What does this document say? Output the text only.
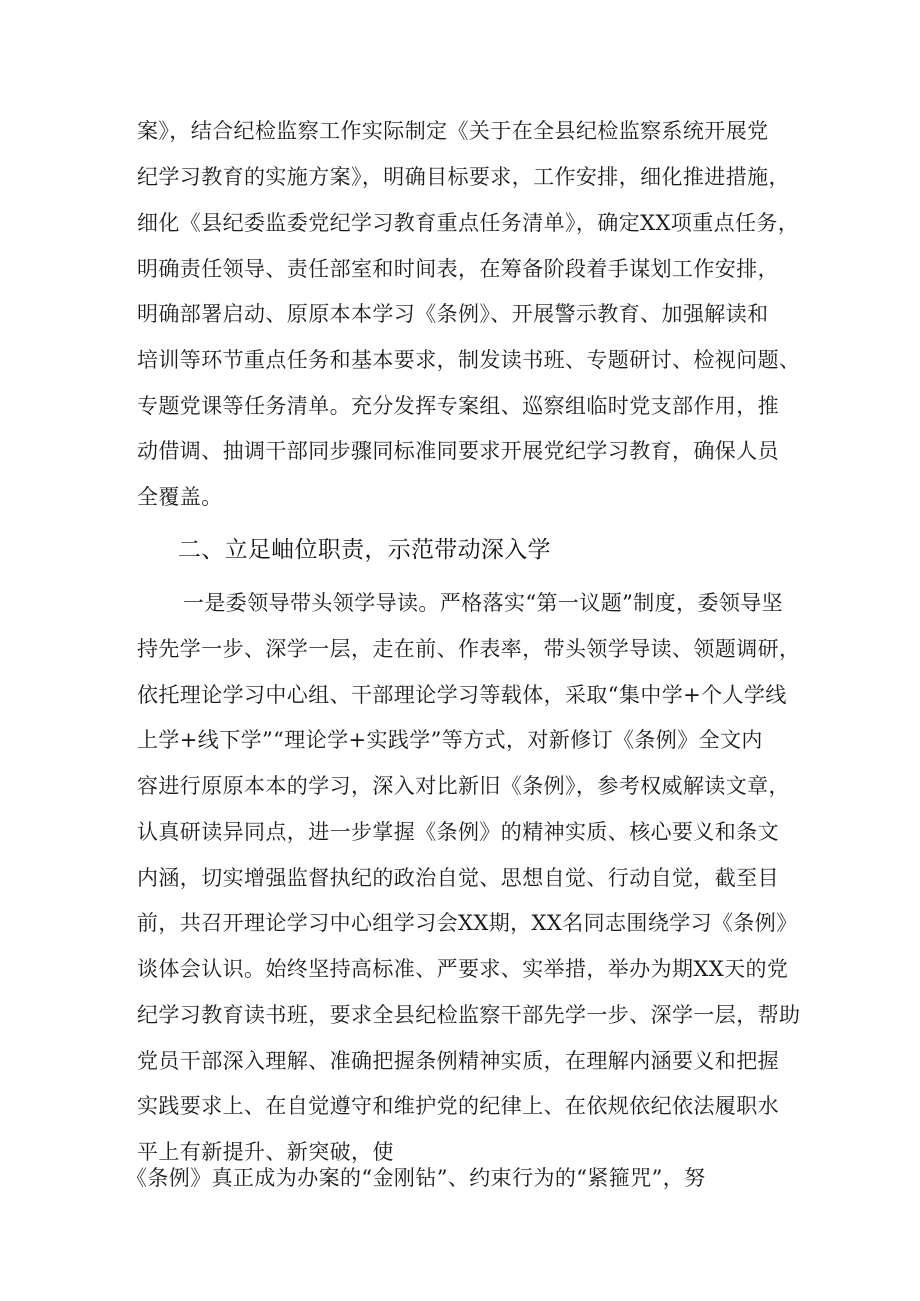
案》，结合纪检监察工作实际制定《关于在全县纪检监察系统开展党
纪学习教育的实施方案》，明确目标要求，工作安排，细化推进措施，
细化《县纪委监委党纪学习教育重点任务清单》，确定XX项重点任务，
明确责任领导、责任部室和时间表，在筹备阶段着手谋划工作安排，
明确部署启动、原原本本学习《条例》、开展警示教育、加强解读和
培训等环节重点任务和基本要求，制发读书班、专题研讨、检视问题、
专题党课等任务清单。充分发挥专案组、巡察组临时党支部作用，推
动借调、抽调干部同步骤同标准同要求开展党纪学习教育，确保人员
全覆盖。
二、立足岫位职责，示范带动深入学
一是委领导带头领学导读。严格落实“第一议题”制度，委领导坚
持先学一步、深学一层，走在前、作表率，带头领学导读、领题调研，
依托理论学习中心组、干部理论学习等载体，采取“集中学+个人学线
上学+线下学”“理论学+实践学”等方式，对新修订《条例》全文内
容进行原原本本的学习，深入对比新旧《条例》，参考权威解读文章，
认真研读异同点，进一步掌握《条例》的精神实质、核心要义和条文
内涵，切实增强监督执纪的政治自觉、思想自觉、行动自觉，截至目
前，共召开理论学习中心组学习会XX期，XX名同志围绕学习《条例》
谈体会认识。始终坚持高标准、严要求、实举措，举办为期XX天的党
纪学习教育读书班，要求全县纪检监察干部先学一步、深学一层，帮助
党员干部深入理解、准确把握条例精神实质，在理解内涵要义和把握
实践要求上、在自觉遵守和维护党的纪律上、在依规依纪依法履职水
平上有新提升、新突破，使
《条例》真正成为办案的“金刚钻”、约束行为的“紧箍咒”，努
